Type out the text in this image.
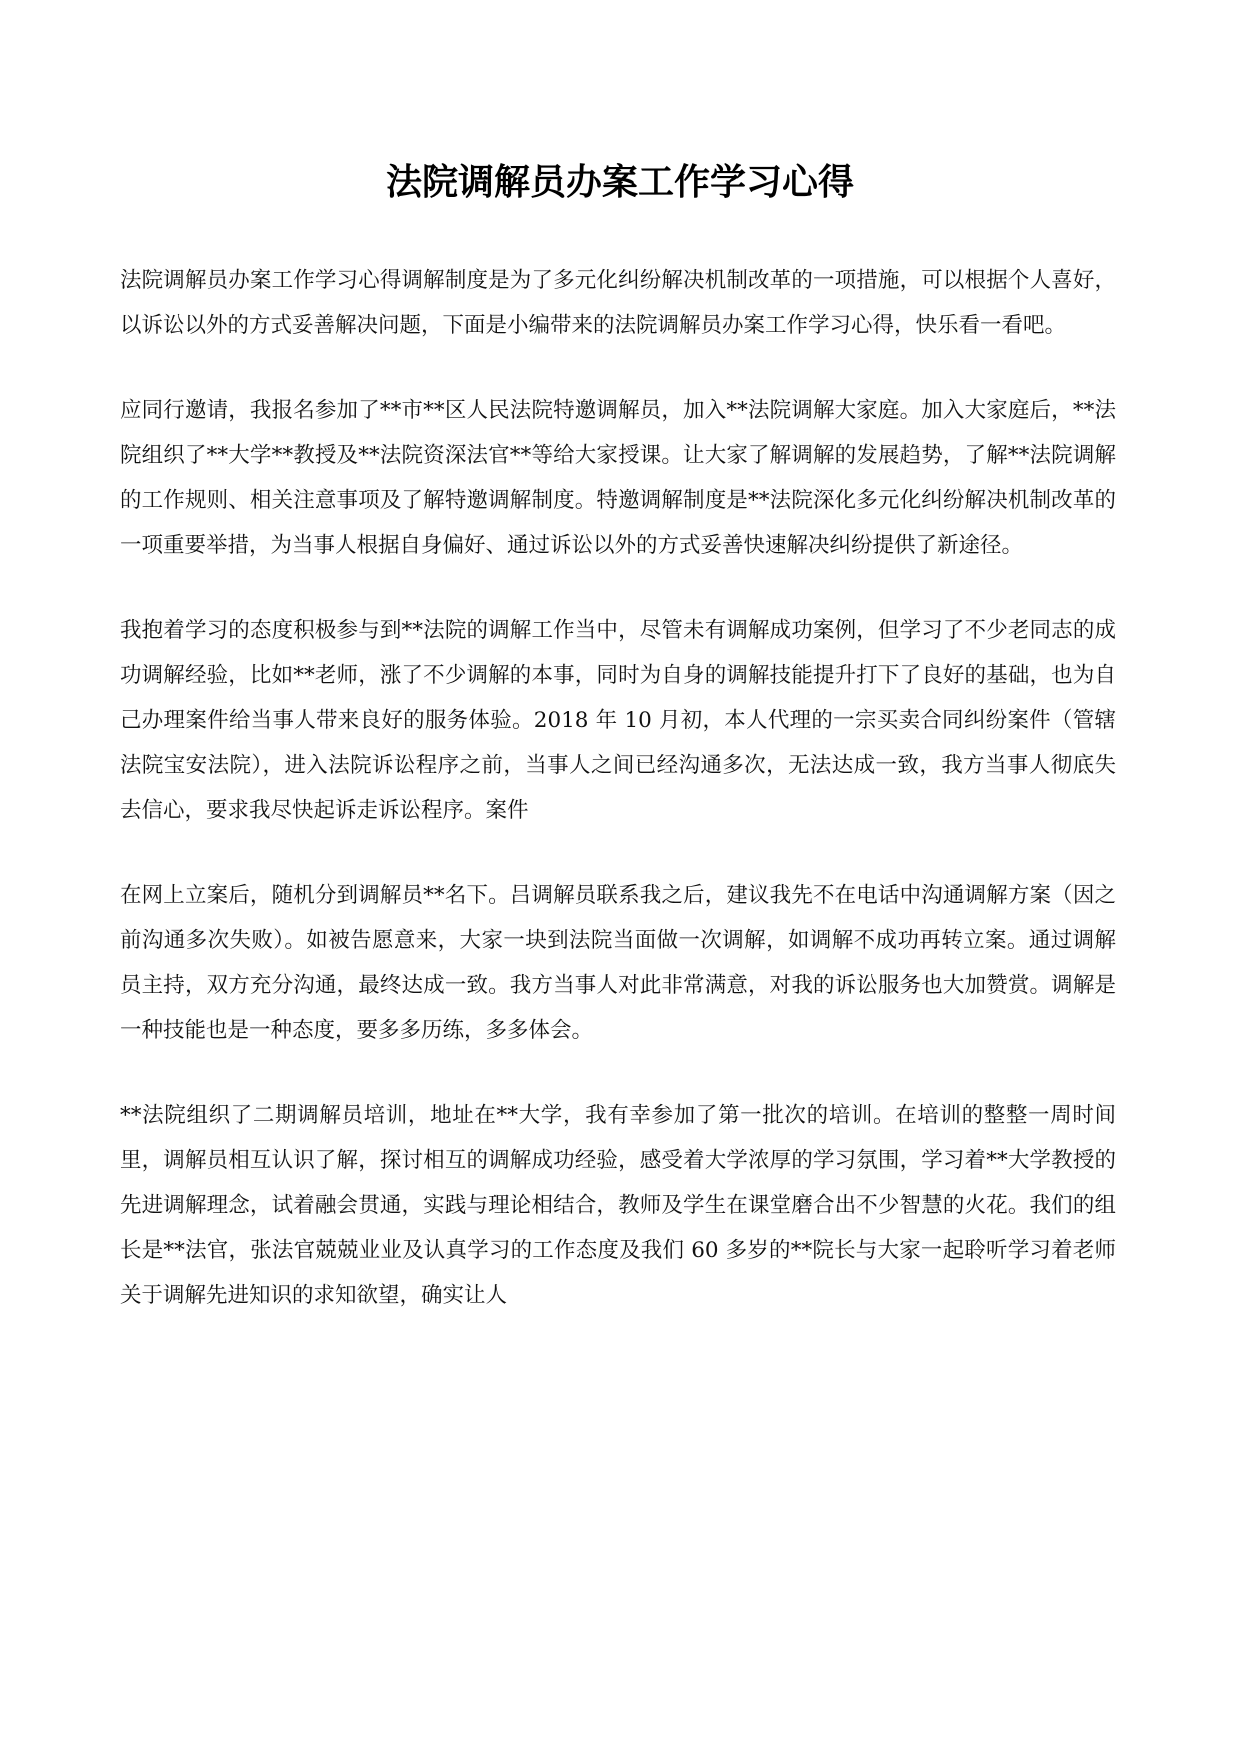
法院调解员办案工作学习心得

法院调解员办案工作学习心得调解制度是为了多元化纠纷解决机制改革的一项措施，可以根据个人喜好，以诉讼以外的方式妥善解决问题，下面是小编带来的法院调解员办案工作学习心得，快乐看一看吧。

应同行邀请，我报名参加了**市**区人民法院特邀调解员，加入**法院调解大家庭。加入大家庭后，**法院组织了**大学**教授及**法院资深法官**等给大家授课。让大家了解调解的发展趋势，了解**法院调解的工作规则、相关注意事项及了解特邀调解制度。特邀调解制度是**法院深化多元化纠纷解决机制改革的一项重要举措，为当事人根据自身偏好、通过诉讼以外的方式妥善快速解决纠纷提供了新途径。

我抱着学习的态度积极参与到**法院的调解工作当中，尽管未有调解成功案例，但学习了不少老同志的成功调解经验，比如**老师，涨了不少调解的本事，同时为自身的调解技能提升打下了良好的基础，也为自己办理案件给当事人带来良好的服务体验。2018 年 10 月初，本人代理的一宗买卖合同纠纷案件（管辖法院宝安法院），进入法院诉讼程序之前，当事人之间已经沟通多次，无法达成一致，我方当事人彻底失去信心，要求我尽快起诉走诉讼程序。案件

在网上立案后，随机分到调解员**名下。吕调解员联系我之后，建议我先不在电话中沟通调解方案（因之前沟通多次失败）。如被告愿意来，大家一块到法院当面做一次调解，如调解不成功再转立案。通过调解员主持，双方充分沟通，最终达成一致。我方当事人对此非常满意，对我的诉讼服务也大加赞赏。调解是一种技能也是一种态度，要多多历练，多多体会。

**法院组织了二期调解员培训，地址在**大学，我有幸参加了第一批次的培训。在培训的整整一周时间里，调解员相互认识了解，探讨相互的调解成功经验，感受着大学浓厚的学习氛围，学习着**大学教授的先进调解理念，试着融会贯通，实践与理论相结合，教师及学生在课堂磨合出不少智慧的火花。我们的组长是**法官，张法官兢兢业业及认真学习的工作态度及我们 60 多岁的**院长与大家一起聆听学习着老师关于调解先进知识的求知欲望，确实让人
